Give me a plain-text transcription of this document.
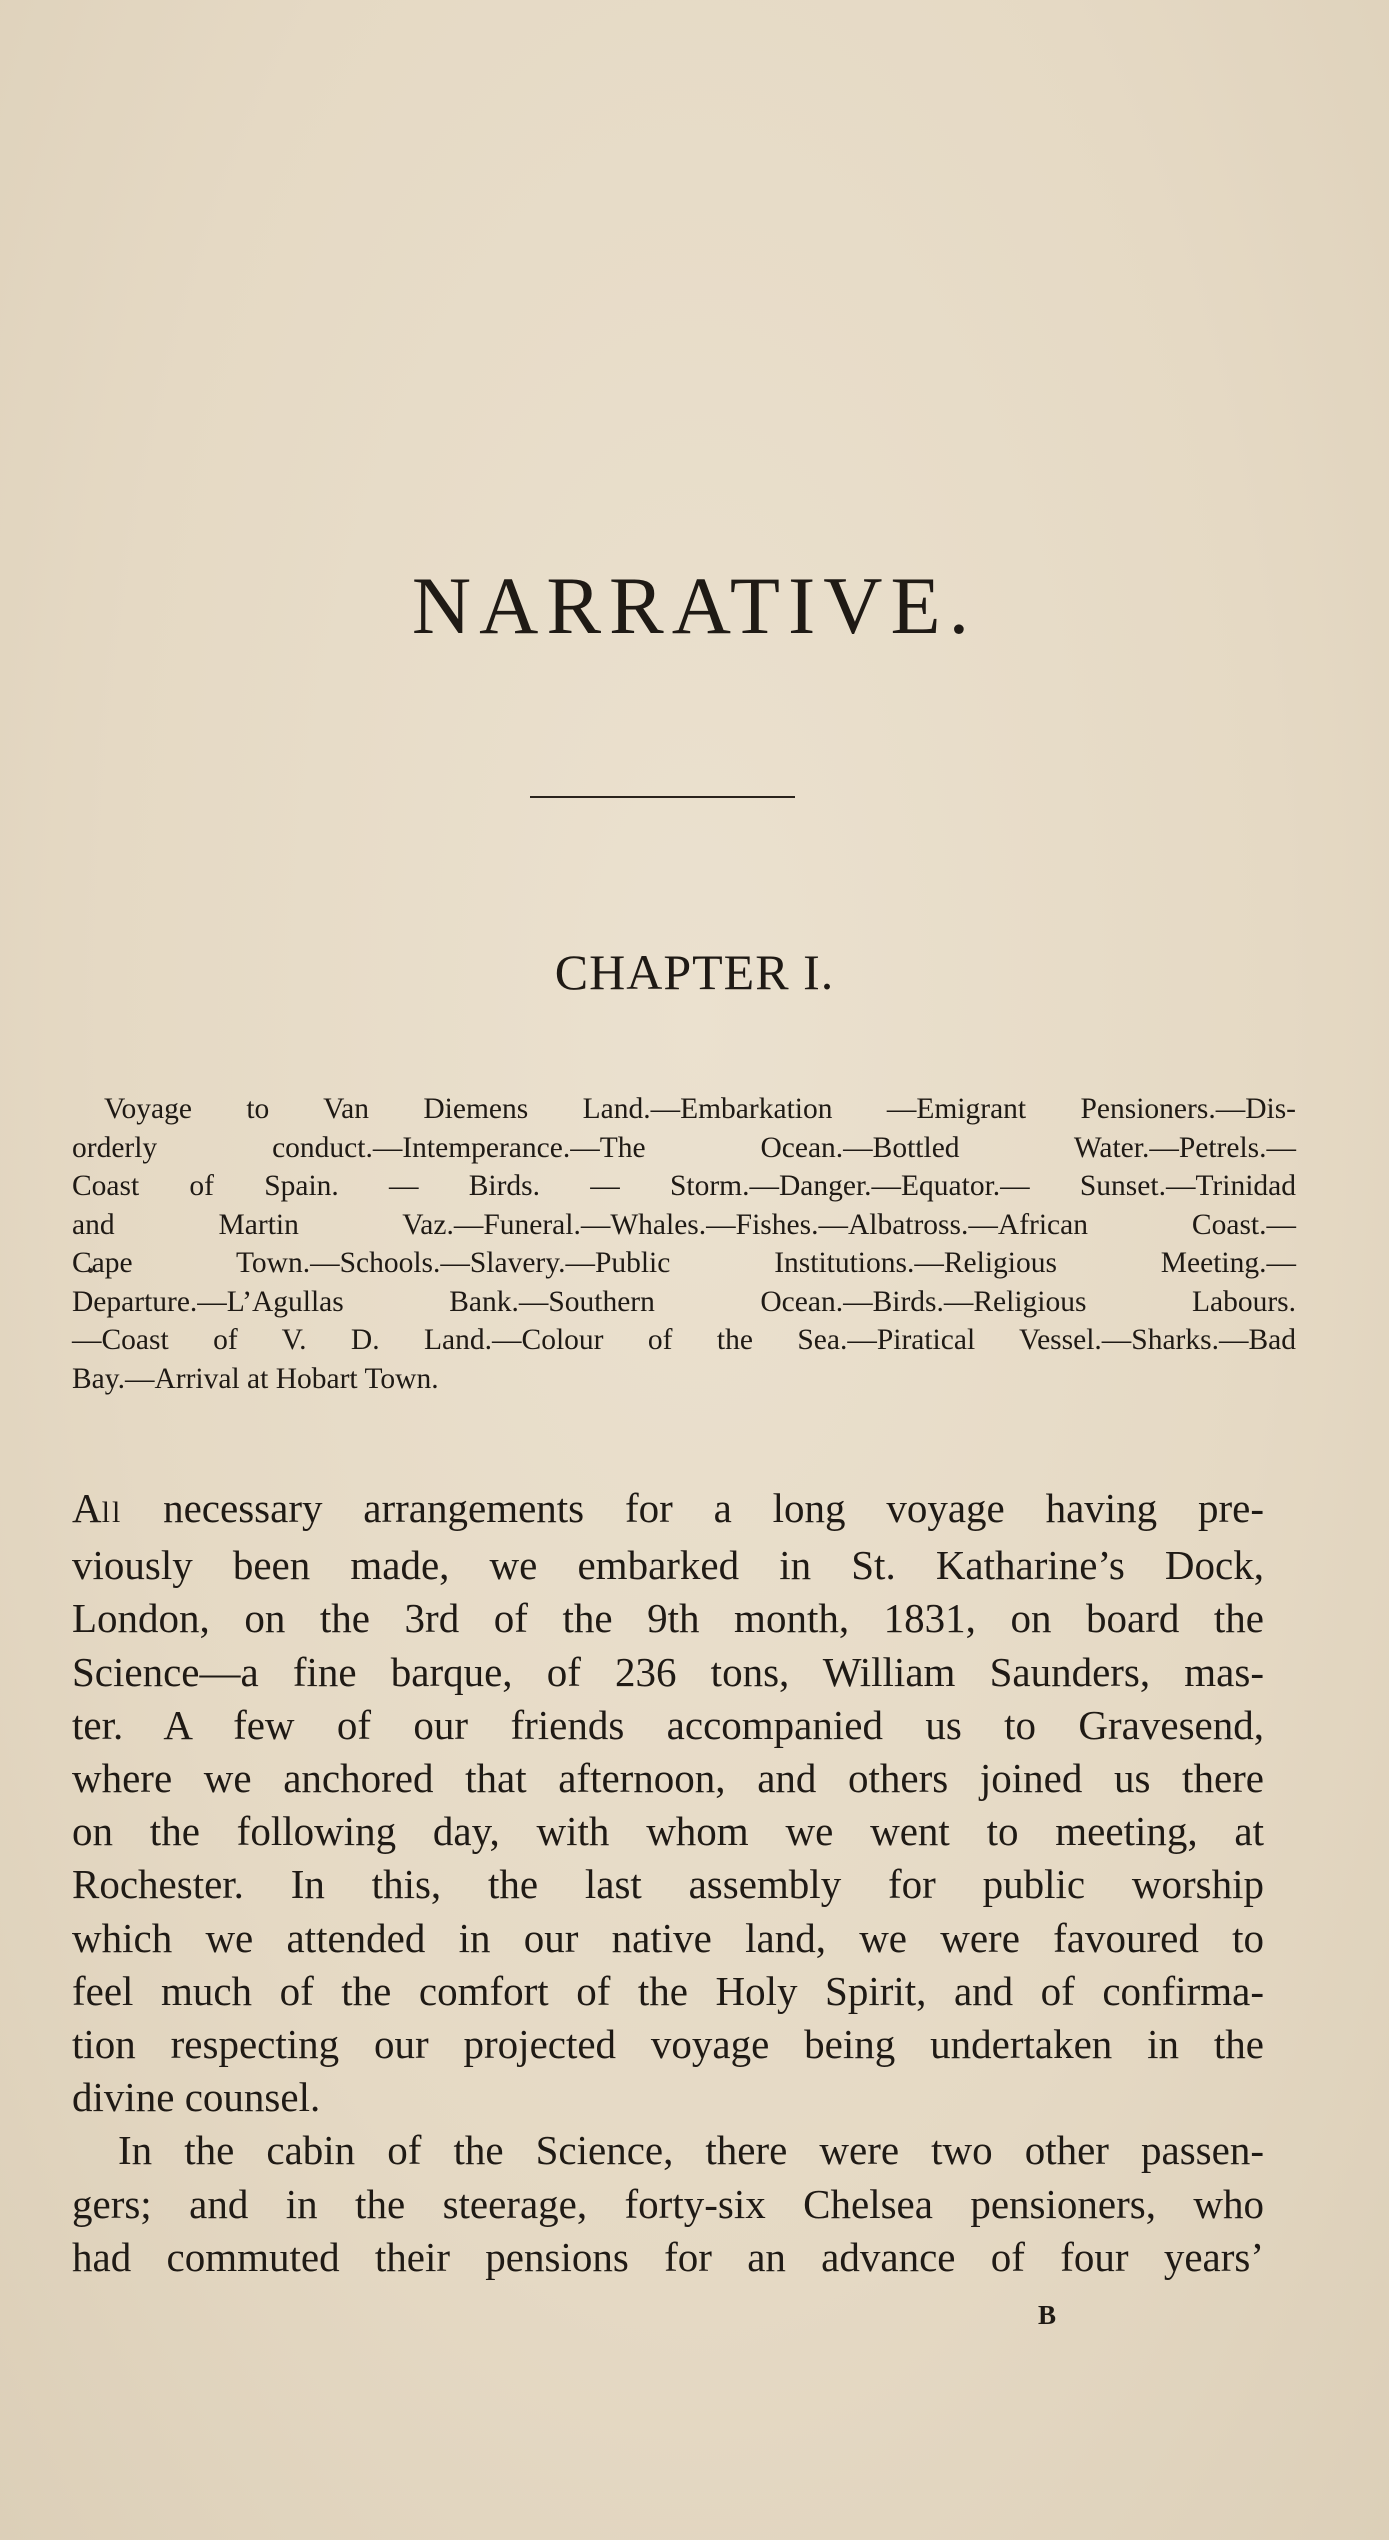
NARRATIVE.
CHAPTER I.
Voyage to Van Diemens Land.—Embarkation —Emigrant Pensioners.—Dis-
orderly conduct.—Intemperance.—The Ocean.—Bottled Water.—Petrels.—
Coast of Spain. — Birds. — Storm.—Danger.—Equator.— Sunset.—Trinidad
and Martin Vaz.—Funeral.—Whales.—Fishes.—Albatross.—African Coast.—
Cape Town.—Schools.—Slavery.—Public Institutions.—Religious Meeting.—
Departure.—L’Agullas Bank.—Southern Ocean.—Birds.—Religious Labours.
—Coast of V. D. Land.—Colour of the Sea.—Piratical Vessel.—Sharks.—Bad
Bay.—Arrival at Hobart Town.
All necessary arrangements for a long voyage having pre-
viously been made, we embarked in St. Katharine’s Dock,
London, on the 3rd of the 9th month, 1831, on board the
Science—a fine barque, of 236 tons, William Saunders, mas-
ter. A few of our friends accompanied us to Gravesend,
where we anchored that afternoon, and others joined us there
on the following day, with whom we went to meeting, at
Rochester. In this, the last assembly for public worship
which we attended in our native land, we were favoured to
feel much of the comfort of the Holy Spirit, and of confirma-
tion respecting our projected voyage being undertaken in the
divine counsel.
In the cabin of the Science, there were two other passen-
gers; and in the steerage, forty-six Chelsea pensioners, who
had commuted their pensions for an advance of four years’
B
